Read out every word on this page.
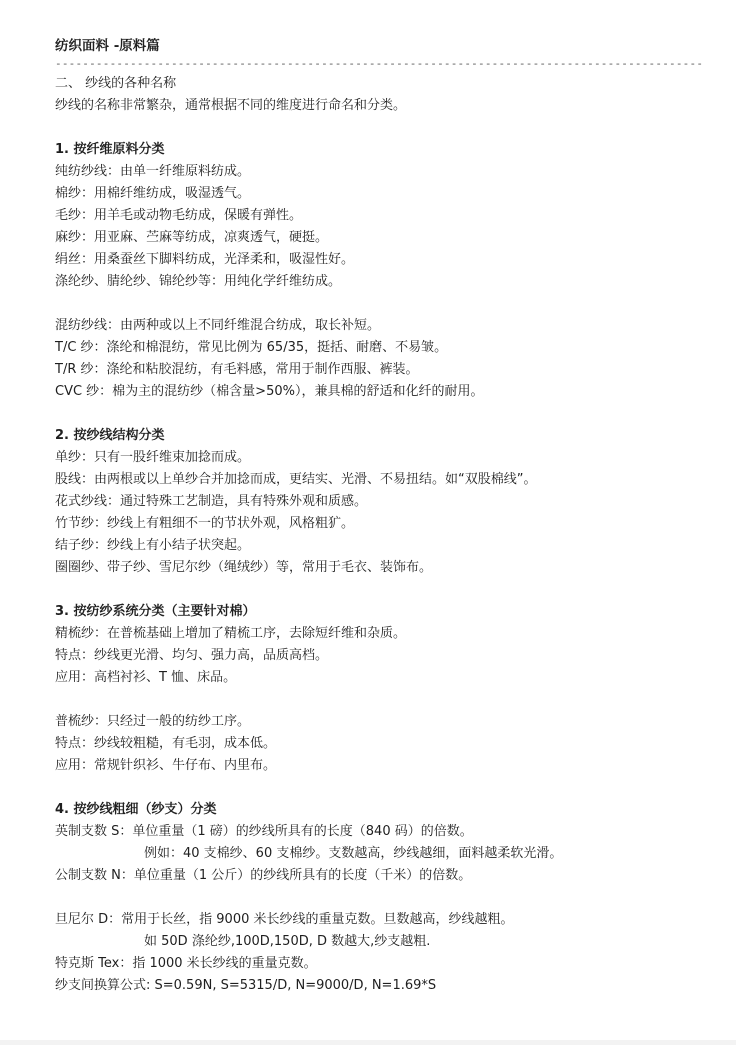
纺织面料 -原料篇
-----------------------------------------------------------------------------------------------
二、 纱线的各种名称
纱线的名称非常繁杂，通常根据不同的维度进行命名和分类。
1. 按纤维原料分类
纯纺纱线：由单一纤维原料纺成。
棉纱：用棉纤维纺成，吸湿透气。
毛纱：用羊毛或动物毛纺成，保暖有弹性。
麻纱：用亚麻、苎麻等纺成，凉爽透气，硬挺。
绢丝：用桑蚕丝下脚料纺成，光泽柔和，吸湿性好。
涤纶纱、腈纶纱、锦纶纱等：用纯化学纤维纺成。
混纺纱线：由两种或以上不同纤维混合纺成，取长补短。
T/C 纱：涤纶和棉混纺，常见比例为 65/35，挺括、耐磨、不易皱。
T/R 纱：涤纶和粘胶混纺，有毛料感，常用于制作西服、裤装。
CVC 纱：棉为主的混纺纱（棉含量>50%），兼具棉的舒适和化纤的耐用。
2. 按纱线结构分类
单纱：只有一股纤维束加捻而成。
股线：由两根或以上单纱合并加捻而成，更结实、光滑、不易扭结。如“双股棉线”。
花式纱线：通过特殊工艺制造，具有特殊外观和质感。
竹节纱：纱线上有粗细不一的节状外观，风格粗犷。
结子纱：纱线上有小结子状突起。
圈圈纱、带子纱、雪尼尔纱（绳绒纱）等，常用于毛衣、装饰布。
3. 按纺纱系统分类（主要针对棉）
精梳纱：在普梳基础上增加了精梳工序，去除短纤维和杂质。
特点：纱线更光滑、均匀、强力高，品质高档。
应用：高档衬衫、T 恤、床品。
普梳纱：只经过一般的纺纱工序。
特点：纱线较粗糙，有毛羽，成本低。
应用：常规针织衫、牛仔布、内里布。
4. 按纱线粗细（纱支）分类
英制支数 S：单位重量（1 磅）的纱线所具有的长度（840 码）的倍数。
例如：40 支棉纱、60 支棉纱。支数越高，纱线越细，面料越柔软光滑。
公制支数 N：单位重量（1 公斤）的纱线所具有的长度（千米）的倍数。
旦尼尔 D：常用于长丝，指 9000 米长纱线的重量克数。旦数越高，纱线越粗。
如 50D 涤纶纱,100D,150D, D 数越大,纱支越粗.
特克斯 Tex：指 1000 米长纱线的重量克数。
纱支间换算公式: S=0.59N, S=5315/D, N=9000/D, N=1.69*S
